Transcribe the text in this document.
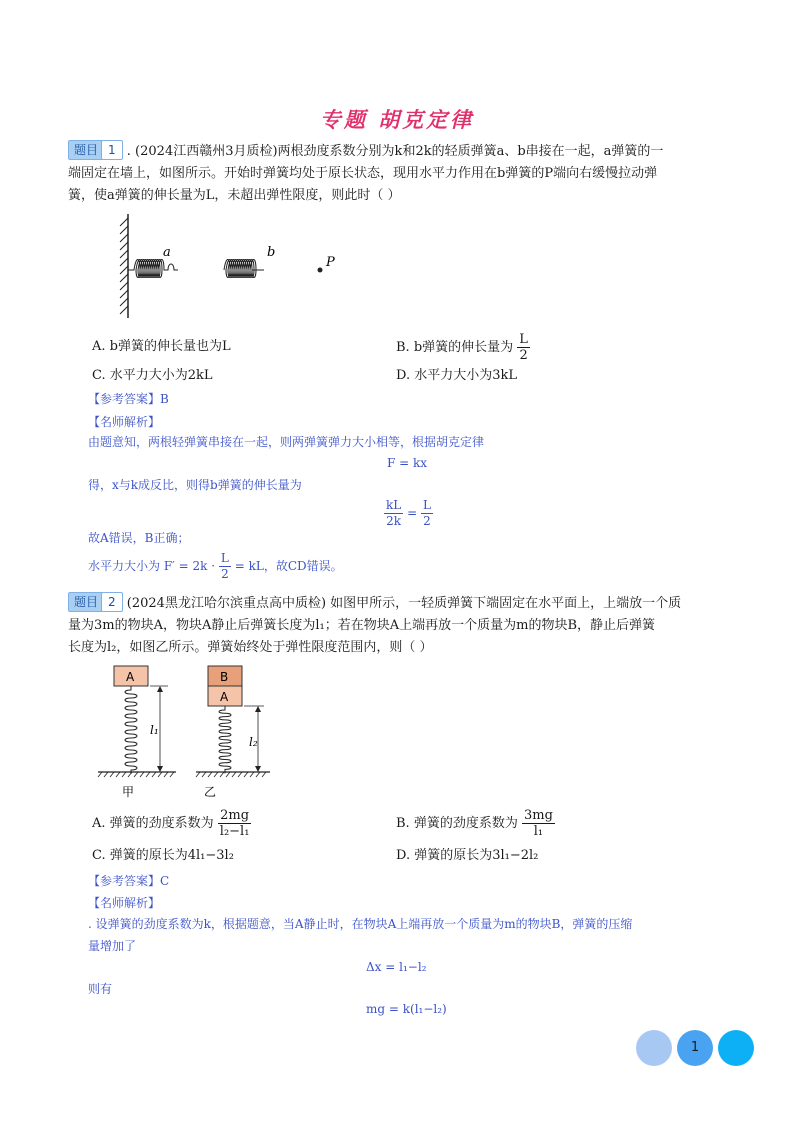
专题 胡克定律
题目 1 . (2024江西赣州3月质检)两根劲度系数分别为k和2k的轻质弹簧a、b串接在一起，a弹簧的一
端固定在墙上，如图所示。开始时弹簧均处于原长状态，现用水平力作用在b弹簧的P端向右缓慢拉动弹
簧，使a弹簧的伸长量为L，未超出弹性限度，则此时（ ）
a	b
P
A. b弹簧的伸长量也为L	B. b弹簧的伸长量为 $\frac{L}{2}$
C. 水平力大小为2kL	D. 水平力大小为3kL
【参考答案】B
【名师解析】
由题意知，两根轻弹簧串接在一起，则两弹簧弹力大小相等，根据胡克定律
F = kx
得，x与k成反比，则得b弹簧的伸长量为
$\frac{kL}{2k} = \frac{L}{2}$
故A错误，B正确；
水平力大小为 $F' = 2k \cdot \frac{L}{2}$ = kL，故CD错误。
题目 2 (2024黑龙江哈尔滨重点高中质检) 如图甲所示，一轻质弹簧下端固定在水平面上，上端放一个质
量为3m的物块A，物块A静止后弹簧长度为l₁；若在物块A上端再放一个质量为m的物块B，静止后弹簧
长度为l₂，如图乙所示。弹簧始终处于弹性限度范围内，则（ ）
A
l₁
甲
B
A
l₂
乙
A. 弹簧的劲度系数为 $\frac{2mg}{\text{l₂−l₁}}$	B. 弹簧的劲度系数为 $\frac{3mg}{\text{l₁}}$
C. 弹簧的原长为4l₁−3l₂	D. 弹簧的原长为3l₁−2l₂
【参考答案】C
【名师解析】
. 设弹簧的劲度系数为k，根据题意，当A静止时，在物块A上端再放一个质量为m的物块B，弹簧的压缩
量增加了
Δx = l₁−l₂
则有
mg = k(l₁−l₂)
1
